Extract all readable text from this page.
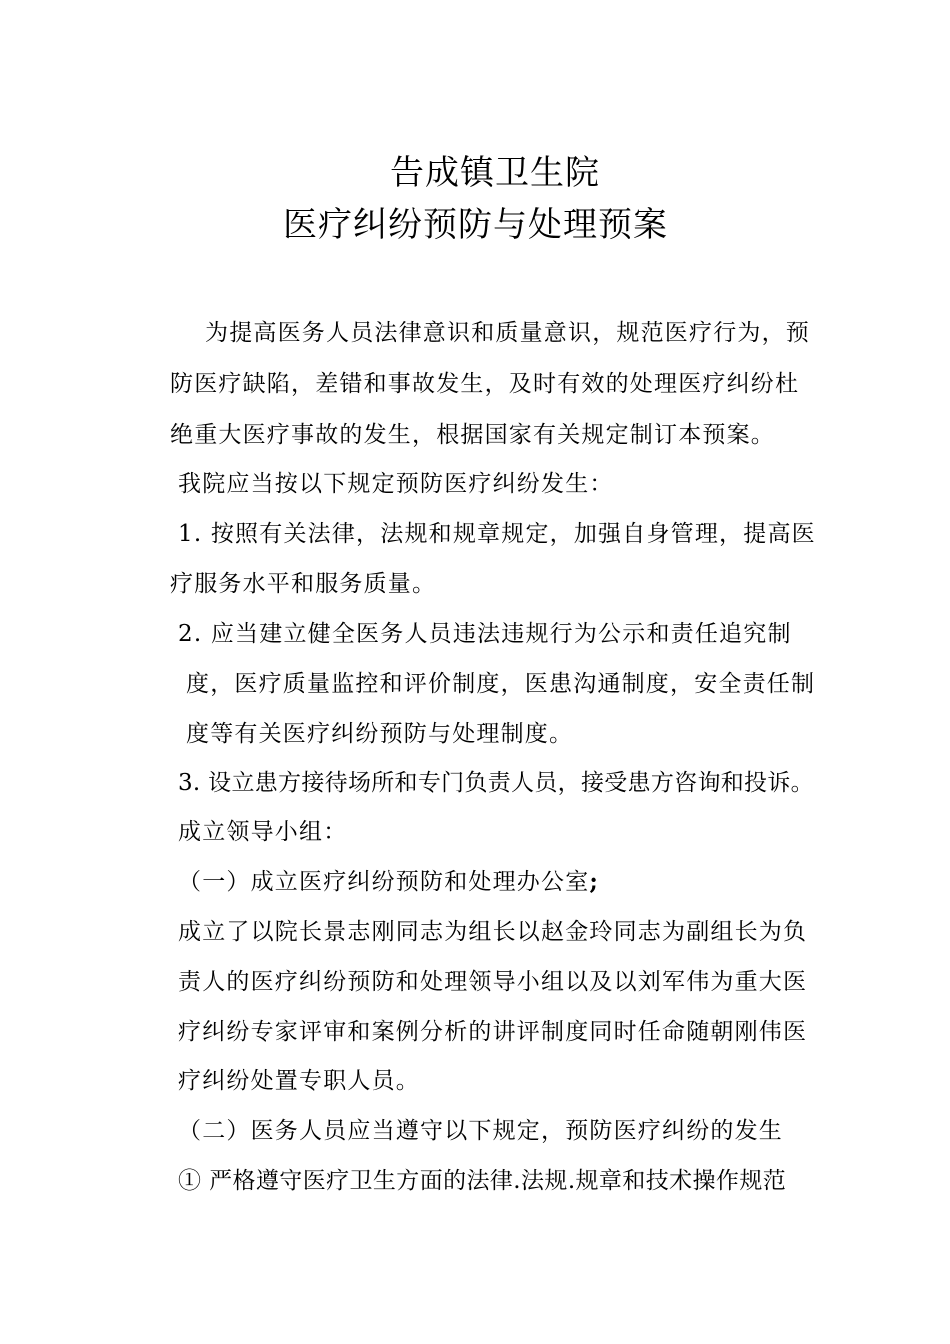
告成镇卫生院
医疗纠纷预防与处理预案
为提高医务人员法律意识和质量意识，规范医疗行为，预
防医疗缺陷，差错和事故发生，及时有效的处理医疗纠纷杜
绝重大医疗事故的发生，根据国家有关规定制订本预案。
我院应当按以下规定预防医疗纠纷发生：
1. 按照有关法律，法规和规章规定，加强自身管理，提高医
疗服务水平和服务质量。
2. 应当建立健全医务人员违法违规行为公示和责任追究制
度，医疗质量监控和评价制度，医患沟通制度，安全责任制
度等有关医疗纠纷预防与处理制度。
3. 设立患方接待场所和专门负责人员，接受患方咨询和投诉。
成立领导小组：
（一）成立医疗纠纷预防和处理办公室;
成立了以院长景志刚同志为组长以赵金玲同志为副组长为负
责人的医疗纠纷预防和处理领导小组以及以刘军伟为重大医
疗纠纷专家评审和案例分析的讲评制度同时任命随朝刚伟医
疗纠纷处置专职人员。
（二）医务人员应当遵守以下规定，预防医疗纠纷的发生
① 严格遵守医疗卫生方面的法律.法规.规章和技术操作规范
